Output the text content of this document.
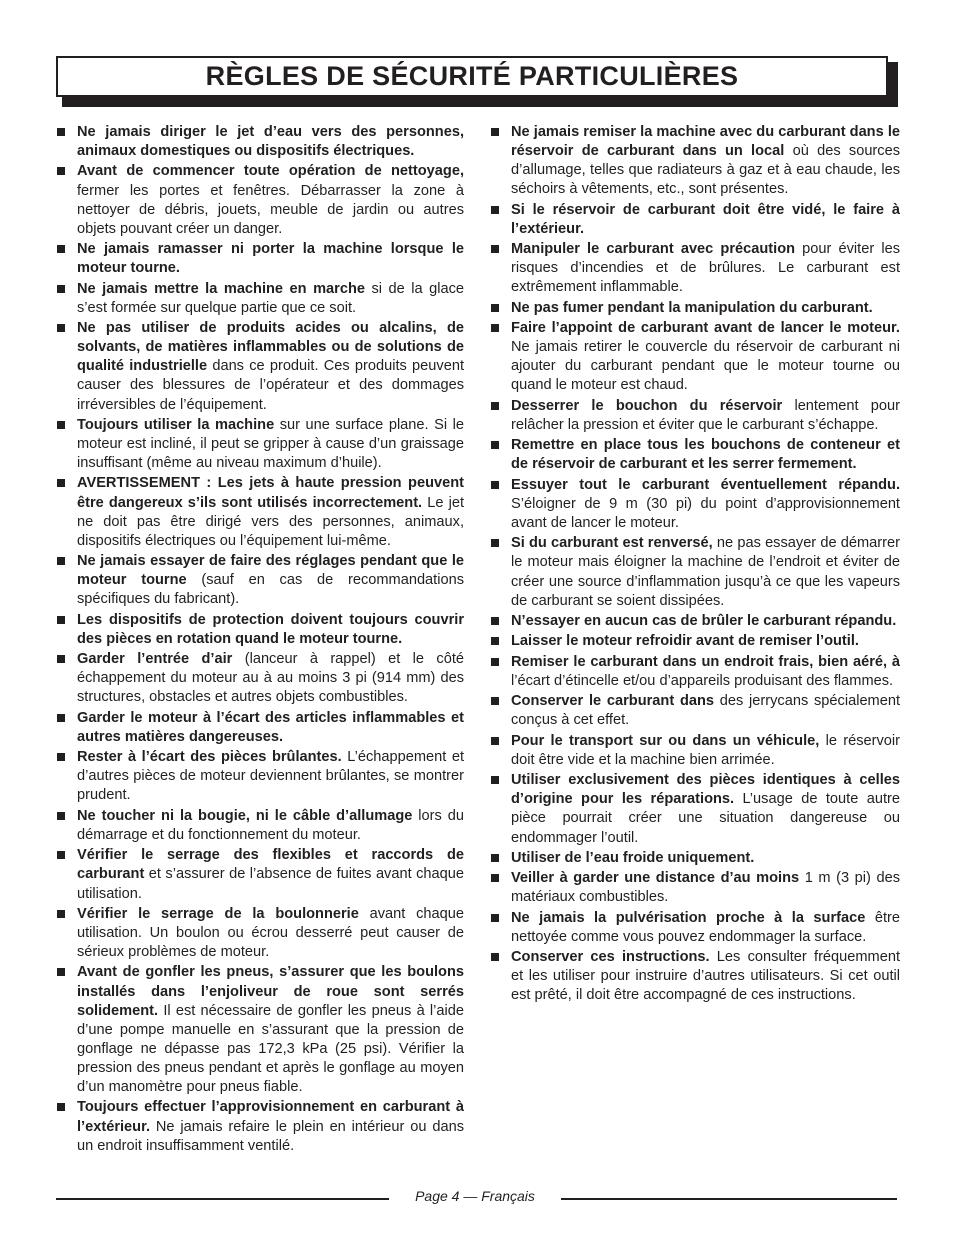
RÈGLES DE SÉCURITÉ PARTICULIÈRES
Ne jamais diriger le jet d’eau vers des personnes, animaux domestiques ou dispositifs électriques.
Avant de commencer toute opération de nettoyage, fermer les portes et fenêtres. Débarrasser la zone à nettoyer de débris, jouets, meuble de jardin ou autres objets pouvant créer un danger.
Ne jamais ramasser ni porter la machine lorsque le moteur tourne.
Ne jamais mettre la machine en marche si de la glace s’est formée sur quelque partie que ce soit.
Ne pas utiliser de produits acides ou alcalins, de solvants, de matières inflammables ou de solutions de qualité industrielle dans ce produit. Ces produits peuvent causer des blessures de l’opérateur et des dommages irréversibles de l’équipement.
Toujours utiliser la machine sur une surface plane. Si le moteur est incliné, il peut se gripper à cause d’un graissage insuffisant (même au niveau maximum d’huile).
AVERTISSEMENT : Les jets à haute pression peuvent être dangereux s’ils sont utilisés incorrectement. Le jet ne doit pas être dirigé vers des personnes, animaux, dispositifs électriques ou l’équipement lui-même.
Ne jamais essayer de faire des réglages pendant que le moteur tourne (sauf en cas de recommandations spécifiques du fabricant).
Les dispositifs de protection doivent toujours couvrir des pièces en rotation quand le moteur tourne.
Garder l’entrée d’air (lanceur à rappel) et le côté échappement du moteur au à au moins 3 pi (914 mm) des structures, obstacles et autres objets combustibles.
Garder le moteur à l’écart des articles inflammables et autres matières dangereuses.
Rester à l’écart des pièces brûlantes. L’échappement et d’autres pièces de moteur deviennent brûlantes, se montrer prudent.
Ne toucher ni la bougie, ni le câble d’allumage lors du démarrage et du fonctionnement du moteur.
Vérifier le serrage des flexibles et raccords de carburant et s’assurer de l’absence de fuites avant chaque utilisation.
Vérifier le serrage de la boulonnerie avant chaque utilisation. Un boulon ou écrou desserré peut causer de sérieux problèmes de moteur.
Avant de gonfler les pneus, s’assurer que les boulons installés dans l’enjoliveur de roue sont serrés solidement. Il est nécessaire de gonfler les pneus à l’aide d’une pompe manuelle en s’assurant que la pression de gonflage ne dépasse pas 172,3 kPa (25 psi). Vérifier la pression des pneus pendant et après le gonflage au moyen d’un manomètre pour pneus fiable.
Toujours effectuer l’approvisionnement en carburant à l’extérieur. Ne jamais refaire le plein en intérieur ou dans un endroit insuffisamment ventilé.
Ne jamais remiser la machine avec du carburant dans le réservoir de carburant dans un local où des sources d’allumage, telles que radiateurs à gaz et à eau chaude, les séchoirs à vêtements, etc., sont présentes.
Si le réservoir de carburant doit être vidé, le faire à l’extérieur.
Manipuler le carburant avec précaution pour éviter les risques d’incendies et de brûlures. Le carburant est extrêmement inflammable.
Ne pas fumer pendant la manipulation du carburant.
Faire l’appoint de carburant avant de lancer le moteur. Ne jamais retirer le couvercle du réservoir de carburant ni ajouter du carburant pendant que le moteur tourne ou quand le moteur est chaud.
Desserrer le bouchon du réservoir lentement pour relâcher la pression et éviter que le carburant s’échappe.
Remettre en place tous les bouchons de conteneur et de réservoir de carburant et les serrer fermement.
Essuyer tout le carburant éventuellement répandu. S’éloigner de 9 m (30 pi) du point d’approvisionnement avant de lancer le moteur.
Si du carburant est renversé, ne pas essayer de démarrer le moteur mais éloigner la machine de l’endroit et éviter de créer une source d’inflammation jusqu’à ce que les vapeurs de carburant se soient dissipées.
N’essayer en aucun cas de brûler le carburant répandu.
Laisser le moteur refroidir avant de remiser l’outil.
Remiser le carburant dans un endroit frais, bien aéré, à l’écart d’étincelle et/ou d’appareils produisant des flammes.
Conserver le carburant dans des jerrycans spécialement conçus à cet effet.
Pour le transport sur ou dans un véhicule, le réservoir doit être vide et la machine bien arrimée.
Utiliser exclusivement des pièces identiques à celles d’origine pour les réparations. L’usage de toute autre pièce pourrait créer une situation dangereuse ou endommager l’outil.
Utiliser de l’eau froide uniquement.
Veiller à garder une distance d’au moins 1 m (3 pi) des matériaux combustibles.
Ne jamais la pulvérisation proche à la surface être nettoyée comme vous pouvez endommager la surface.
Conserver ces instructions. Les consulter fréquemment et les utiliser pour instruire d’autres utilisateurs. Si cet outil est prêté, il doit être accompagné de ces instructions.
Page 4 — Français
